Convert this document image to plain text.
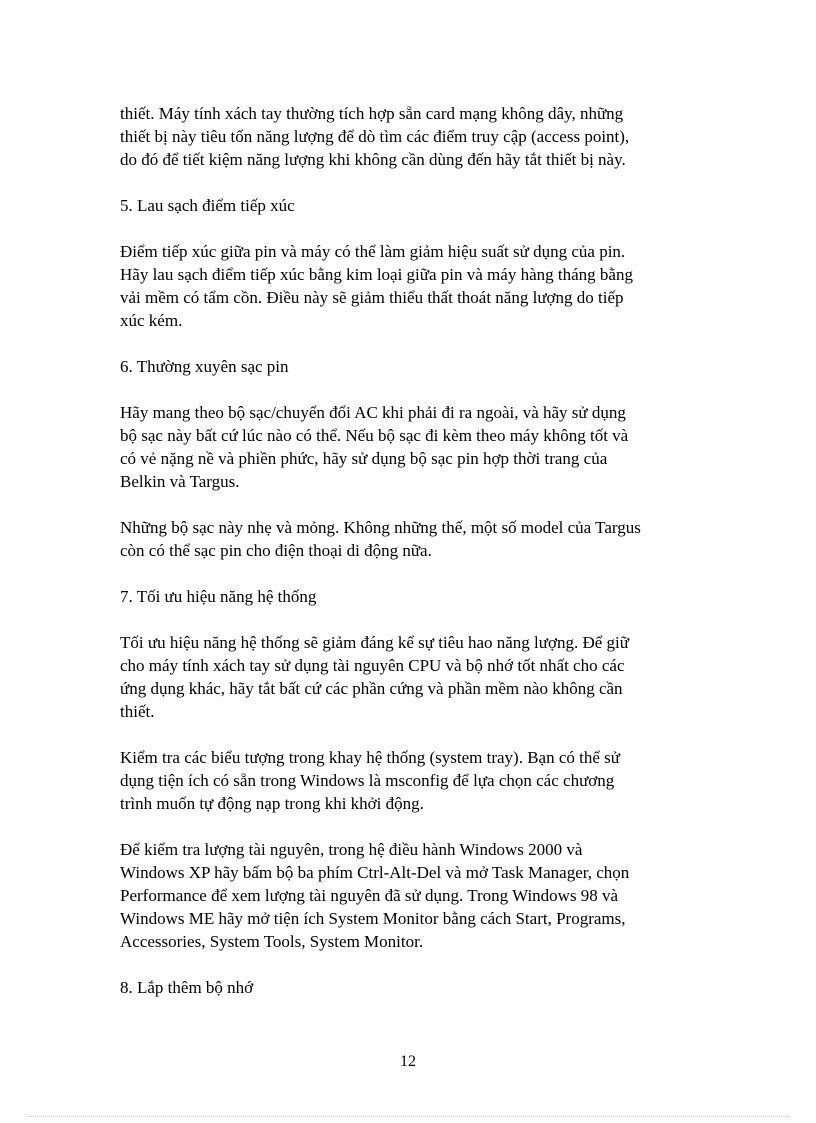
thiết. Máy tính xách tay thường tích hợp sẵn card mạng không dây, những
thiết bị này tiêu tốn năng lượng để dò tìm các điểm truy cập (access point),
do đó để tiết kiệm năng lượng khi không cần dùng đến hãy tắt thiết bị này.
5. Lau sạch điểm tiếp xúc
Điểm tiếp xúc giữa pin và máy có thể làm giảm hiệu suất sử dụng của pin.
Hãy lau sạch điểm tiếp xúc bằng kim loại giữa pin và máy hàng tháng bằng
vải mềm có tẩm cồn. Điều này sẽ giảm thiểu thất thoát năng lượng do tiếp
xúc kém.
6. Thường xuyên sạc pin
Hãy mang theo bộ sạc/chuyển đổi AC khi phải đi ra ngoài, và hãy sử dụng
bộ sạc này bất cứ lúc nào có thể. Nếu bộ sạc đi kèm theo máy không tốt và
có vẻ nặng nề và phiền phức, hãy sử dụng bộ sạc pin hợp thời trang của
Belkin và Targus.
Những bộ sạc này nhẹ và mỏng. Không những thế, một số model của Targus
còn có thể sạc pin cho điện thoại di động nữa.
7. Tối ưu hiệu năng hệ thống
Tối ưu hiệu năng hệ thống sẽ giảm đáng kể sự tiêu hao năng lượng. Để giữ
cho máy tính xách tay sử dụng tài nguyên CPU và bộ nhớ tốt nhất cho các
ứng dụng khác, hãy tắt bất cứ các phần cứng và phần mềm nào không cần
thiết.
Kiểm tra các biểu tượng trong khay hệ thống (system tray). Bạn có thể sử
dụng tiện ích có sẵn trong Windows là msconfig để lựa chọn các chương
trình muốn tự động nạp trong khi khởi động.
Để kiểm tra lượng tài nguyên, trong hệ điều hành Windows 2000 và
Windows XP hãy bấm bộ ba phím Ctrl-Alt-Del và mở Task Manager, chọn
Performance để xem lượng tài nguyên đã sử dụng. Trong Windows 98 và
Windows ME hãy mở tiện ích System Monitor bằng cách Start, Programs,
Accessories, System Tools, System Monitor.
8. Lắp thêm bộ nhớ
12
